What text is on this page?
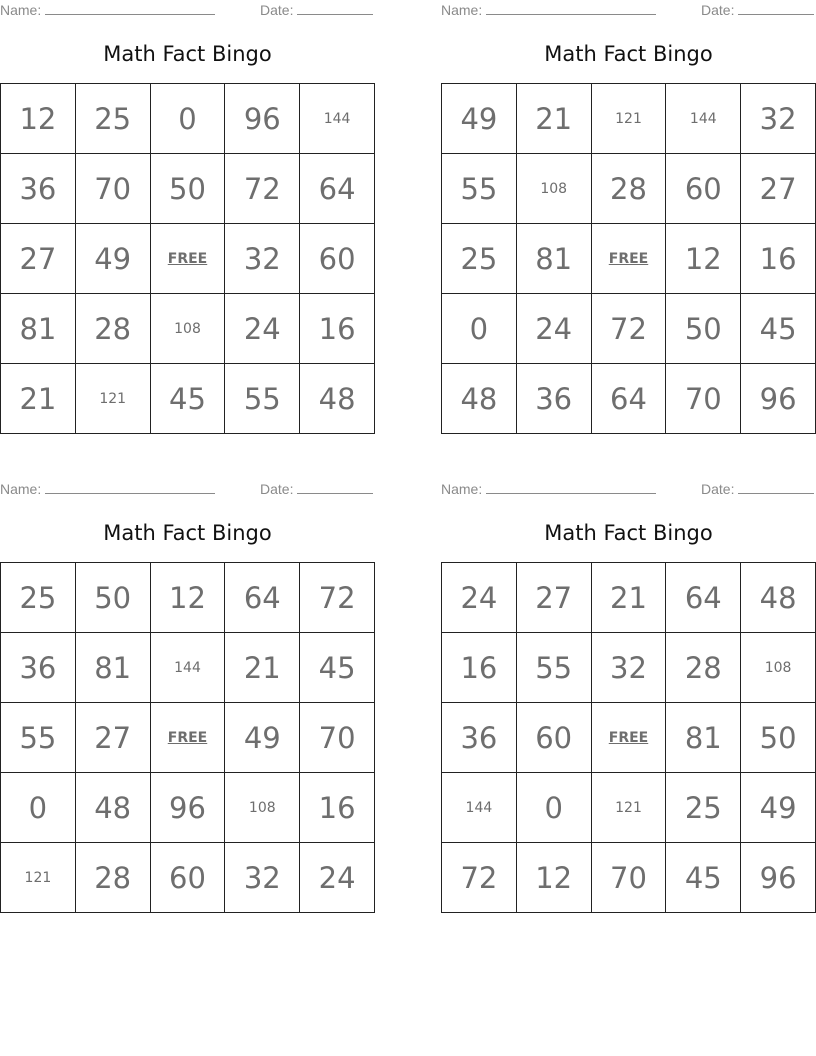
Name:	Date:
Math Fact Bingo
12	25	0	96	144
36	70	50	72	64
27	49	FREE	32	60
81	28	108	24	16
21	121	45	55	48
Name:	Date:
Math Fact Bingo
49	21	121	144	32
55	108	28	60	27
25	81	FREE	12	16
0	24	72	50	45
48	36	64	70	96
Name:	Date:
Math Fact Bingo
25	50	12	64	72
36	81	144	21	45
55	27	FREE	49	70
0	48	96	108	16
121	28	60	32	24
Name:	Date:
Math Fact Bingo
24	27	21	64	48
16	55	32	28	108
36	60	FREE	81	50
144	0	121	25	49
72	12	70	45	96
